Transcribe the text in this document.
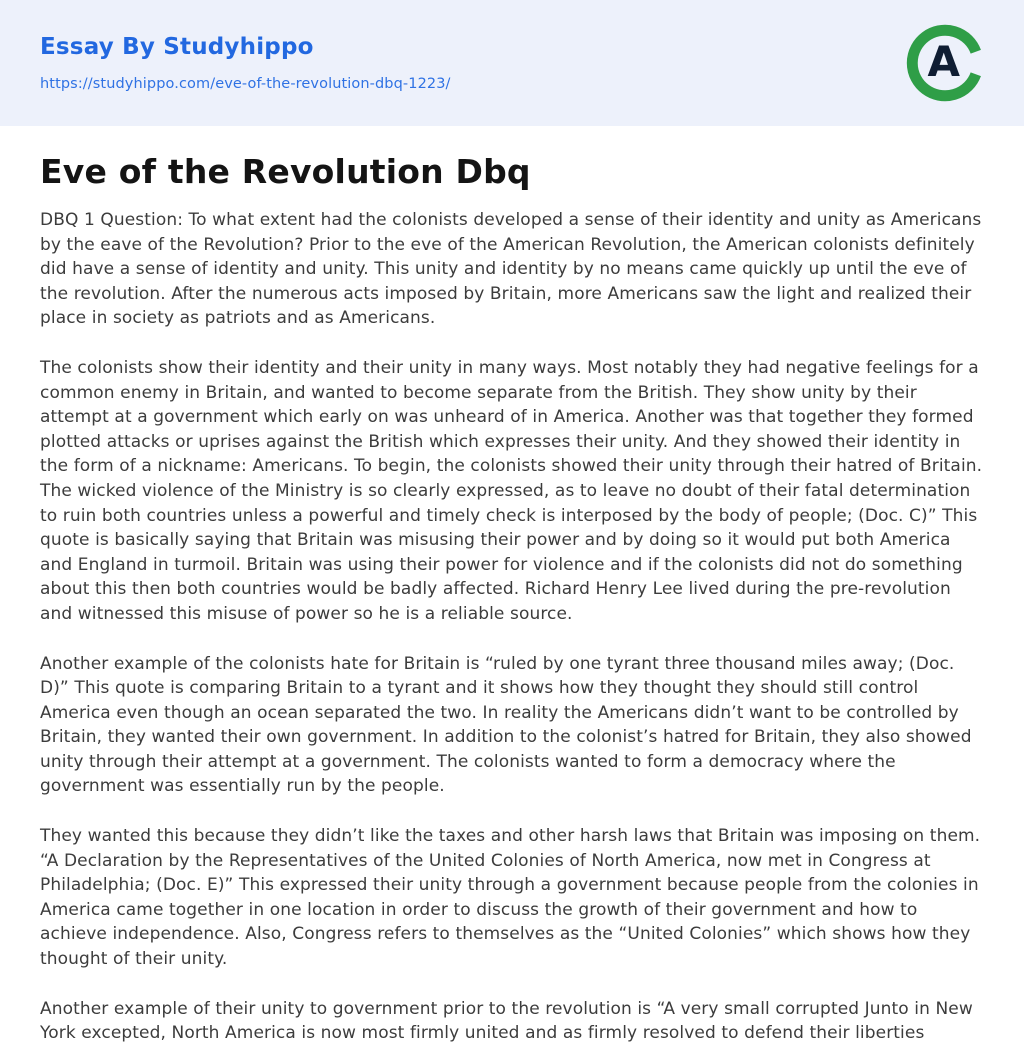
Essay By Studyhippo
https://studyhippo.com/eve-of-the-revolution-dbq-1223/	A
Eve of the Revolution Dbq

DBQ 1 Question: To what extent had the colonists developed a sense of their identity and unity as Americans by the eave of the Revolution? Prior to the eve of the American Revolution, the American colonists definitely did have a sense of identity and unity. This unity and identity by no means came quickly up until the eve of the revolution. After the numerous acts imposed by Britain, more Americans saw the light and realized their place in society as patriots and as Americans.

The colonists show their identity and their unity in many ways. Most notably they had negative feelings for a common enemy in Britain, and wanted to become separate from the British. They show unity by their attempt at a government which early on was unheard of in America. Another was that together they formed plotted attacks or uprises against the British which expresses their unity. And they showed their identity in the form of a nickname: Americans. To begin, the colonists showed their unity through their hatred of Britain. The wicked violence of the Ministry is so clearly expressed, as to leave no doubt of their fatal determination to ruin both countries unless a powerful and timely check is interposed by the body of people; (Doc. C)” This quote is basically saying that Britain was misusing their power and by doing so it would put both America and England in turmoil. Britain was using their power for violence and if the colonists did not do something about this then both countries would be badly affected. Richard Henry Lee lived during the pre-revolution and witnessed this misuse of power so he is a reliable source.

Another example of the colonists hate for Britain is “ruled by one tyrant three thousand miles away; (Doc. D)” This quote is comparing Britain to a tyrant and it shows how they thought they should still control America even though an ocean separated the two. In reality the Americans didn’t want to be controlled by Britain, they wanted their own government. In addition to the colonist’s hatred for Britain, they also showed unity through their attempt at a government. The colonists wanted to form a democracy where the government was essentially run by the people.

They wanted this because they didn’t like the taxes and other harsh laws that Britain was imposing on them. “A Declaration by the Representatives of the United Colonies of North America, now met in Congress at Philadelphia; (Doc. E)” This expressed their unity through a government because people from the colonies in America came together in one location in order to discuss the growth of their government and how to achieve independence. Also, Congress refers to themselves as the “United Colonies” which shows how they thought of their unity.

Another example of their unity to government prior to the revolution is “A very small corrupted Junto in New York excepted, North America is now most firmly united and as firmly resolved to defend their liberties
